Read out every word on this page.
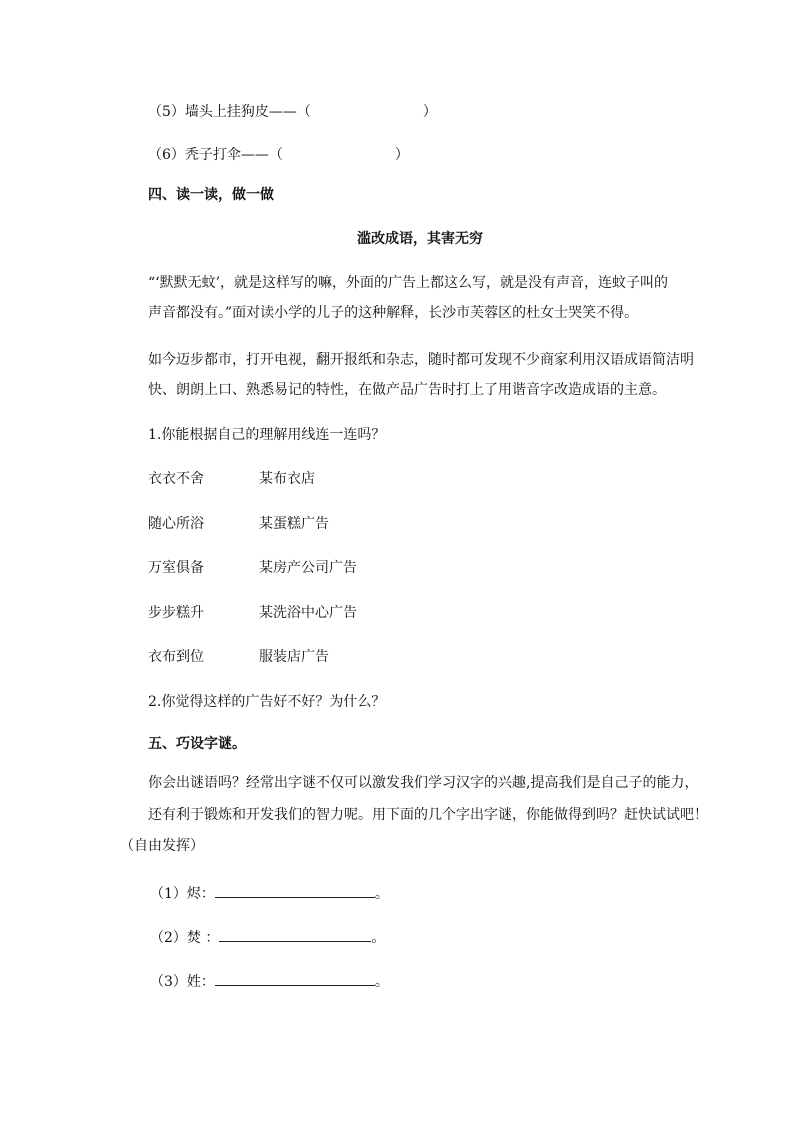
（5）墙头上挂狗皮——（	）
（6）秃子打伞——（	）
四、读一读，做一做
滥改成语，其害无穷
“‘默默无蚊’，就是这样写的嘛，外面的广告上都这么写，就是没有声音，连蚊子叫的
声音都没有。”面对读小学的儿子的这种解释，长沙市芙蓉区的杜女士哭笑不得。
如今迈步都市，打开电视，翻开报纸和杂志，随时都可发现不少商家利用汉语成语简洁明
快、朗朗上口、熟悉易记的特性，在做产品广告时打上了用谐音字改造成语的主意。
1.你能根据自己的理解用线连一连吗？
衣衣不舍	某布衣店
随心所浴	某蛋糕广告
万室俱备	某房产公司广告
步步糕升	某洗浴中心广告
衣布到位	服装店广告
2.你觉得这样的广告好不好？为什么？
五、巧设字谜。
你会出谜语吗？经常出字谜不仅可以激发我们学习汉字的兴趣,提高我们是自己子的能力，
还有利于锻炼和开发我们的智力呢。用下面的几个字出字谜，你能做得到吗？赶快试试吧！
（自由发挥）
（1）烬：	。
（2）焚 ：	。
（3）姓：	。
